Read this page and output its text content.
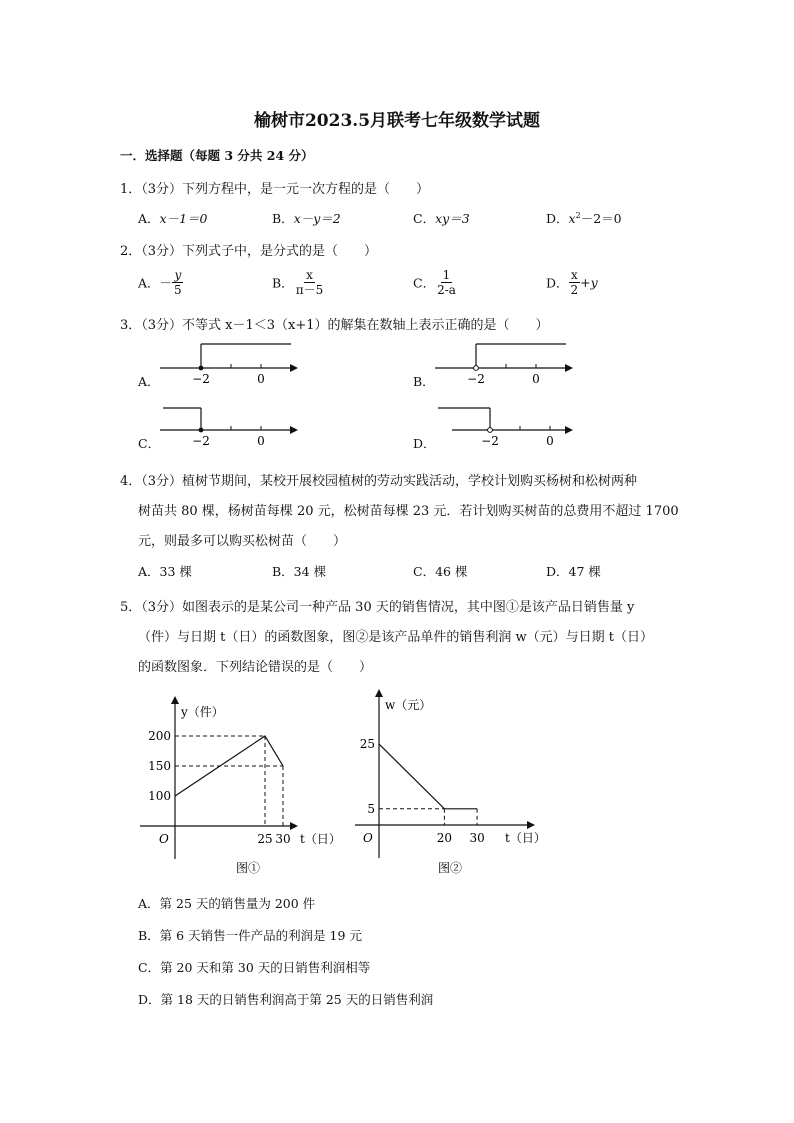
榆树市2023.5月联考七年级数学试题
一．选择题（每题 3 分共 24 分）
1．（3分）下列方程中，是一元一次方程的是（　　）
A．x－1＝0	B．x－y＝2	C．xy＝3	D．$x^2-2=0$
2．（3分）下列式子中，是分式的是（　　）
A．－ $\frac{y}{5}$	B． $\frac{x}{\pi-5}$	C． $\frac{1}{2-a}$	D． $\frac{x}{2} +y$
3．（3分）不等式 x－1＜3（x+1）的解集在数轴上表示正确的是（　　）
A．	B．
C．	D．
−2	0	−2	0
−2	0	−2	0
4．（3分）植树节期间，某校开展校园植树的劳动实践活动，学校计划购买杨树和松树两种
树苗共 80 棵，杨树苗每棵 20 元，松树苗每棵 23 元．若计划购买树苗的总费用不超过 1700
元，则最多可以购买松树苗（　　）
A．33 棵	B．34 棵	C．46 棵	D．47 棵
5．（3分）如图表示的是某公司一种产品 30 天的销售情况，其中图①是该产品日销售量 y
（件）与日期 t（日）的函数图象，图②是该产品单件的销售利润 w（元）与日期 t（日）
的函数图象．下列结论错误的是（　　）
100
150
200
25 30
O	t（日）
y（件）
图①
5
25
20 30
O	t（日）
w（元）
图②
A．第 25 天的销售量为 200 件
B．第 6 天销售一件产品的利润是 19 元
C．第 20 天和第 30 天的日销售利润相等
D．第 18 天的日销售利润高于第 25 天的日销售利润
